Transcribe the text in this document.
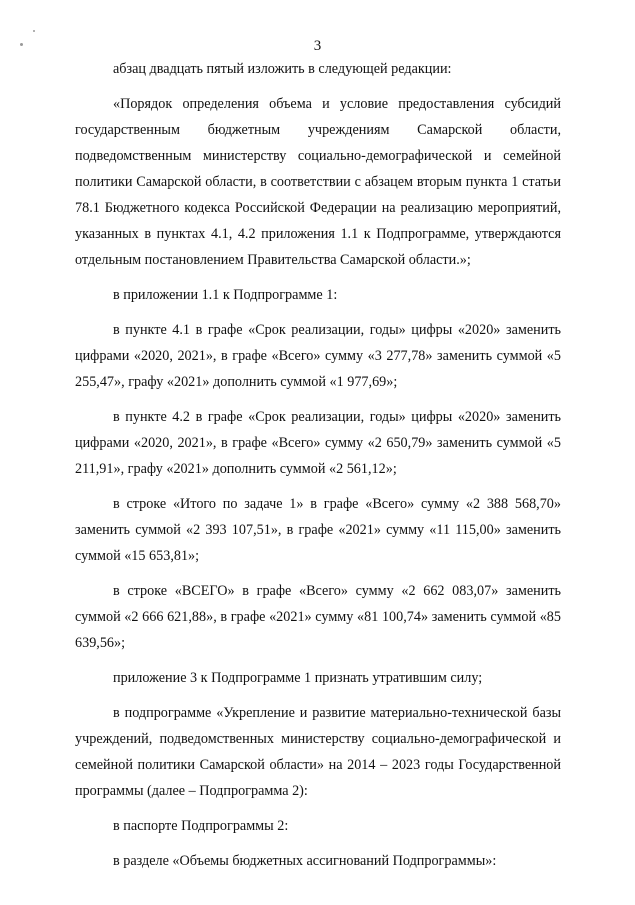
3

абзац двадцать пятый изложить в следующей редакции:

«Порядок определения объема и условие предоставления субсидий государственным бюджетным учреждениям Самарской области, подведомственным министерству социально-демографической и семейной политики Самарской области, в соответствии с абзацем вторым пункта 1 статьи 78.1 Бюджетного кодекса Российской Федерации на реализацию мероприятий, указанных в пунктах 4.1, 4.2 приложения 1.1 к Подпрограмме, утверждаются отдельным постановлением Правительства Самарской области.»;

в приложении 1.1 к Подпрограмме 1:

в пункте 4.1 в графе «Срок реализации, годы» цифры «2020» заменить цифрами «2020, 2021», в графе «Всего» сумму «3 277,78» заменить суммой «5 255,47», графу «2021» дополнить суммой «1 977,69»;

в пункте 4.2 в графе «Срок реализации, годы» цифры «2020» заменить цифрами «2020, 2021», в графе «Всего» сумму «2 650,79» заменить суммой «5 211,91», графу «2021» дополнить суммой «2 561,12»;

в строке «Итого по задаче 1» в графе «Всего» сумму «2 388 568,70» заменить суммой «2 393 107,51», в графе «2021» сумму «11 115,00» заменить суммой «15 653,81»;

в строке «ВСЕГО» в графе «Всего» сумму «2 662 083,07» заменить суммой «2 666 621,88», в графе «2021» сумму «81 100,74» заменить суммой «85 639,56»;

приложение 3 к Подпрограмме 1 признать утратившим силу;

в подпрограмме «Укрепление и развитие материально-технической базы учреждений, подведомственных министерству социально-демографической и семейной политики Самарской области» на 2014 – 2023 годы Государственной программы (далее – Подпрограмма 2):

в паспорте Подпрограммы 2:

в разделе «Объемы бюджетных ассигнований Подпрограммы»:
